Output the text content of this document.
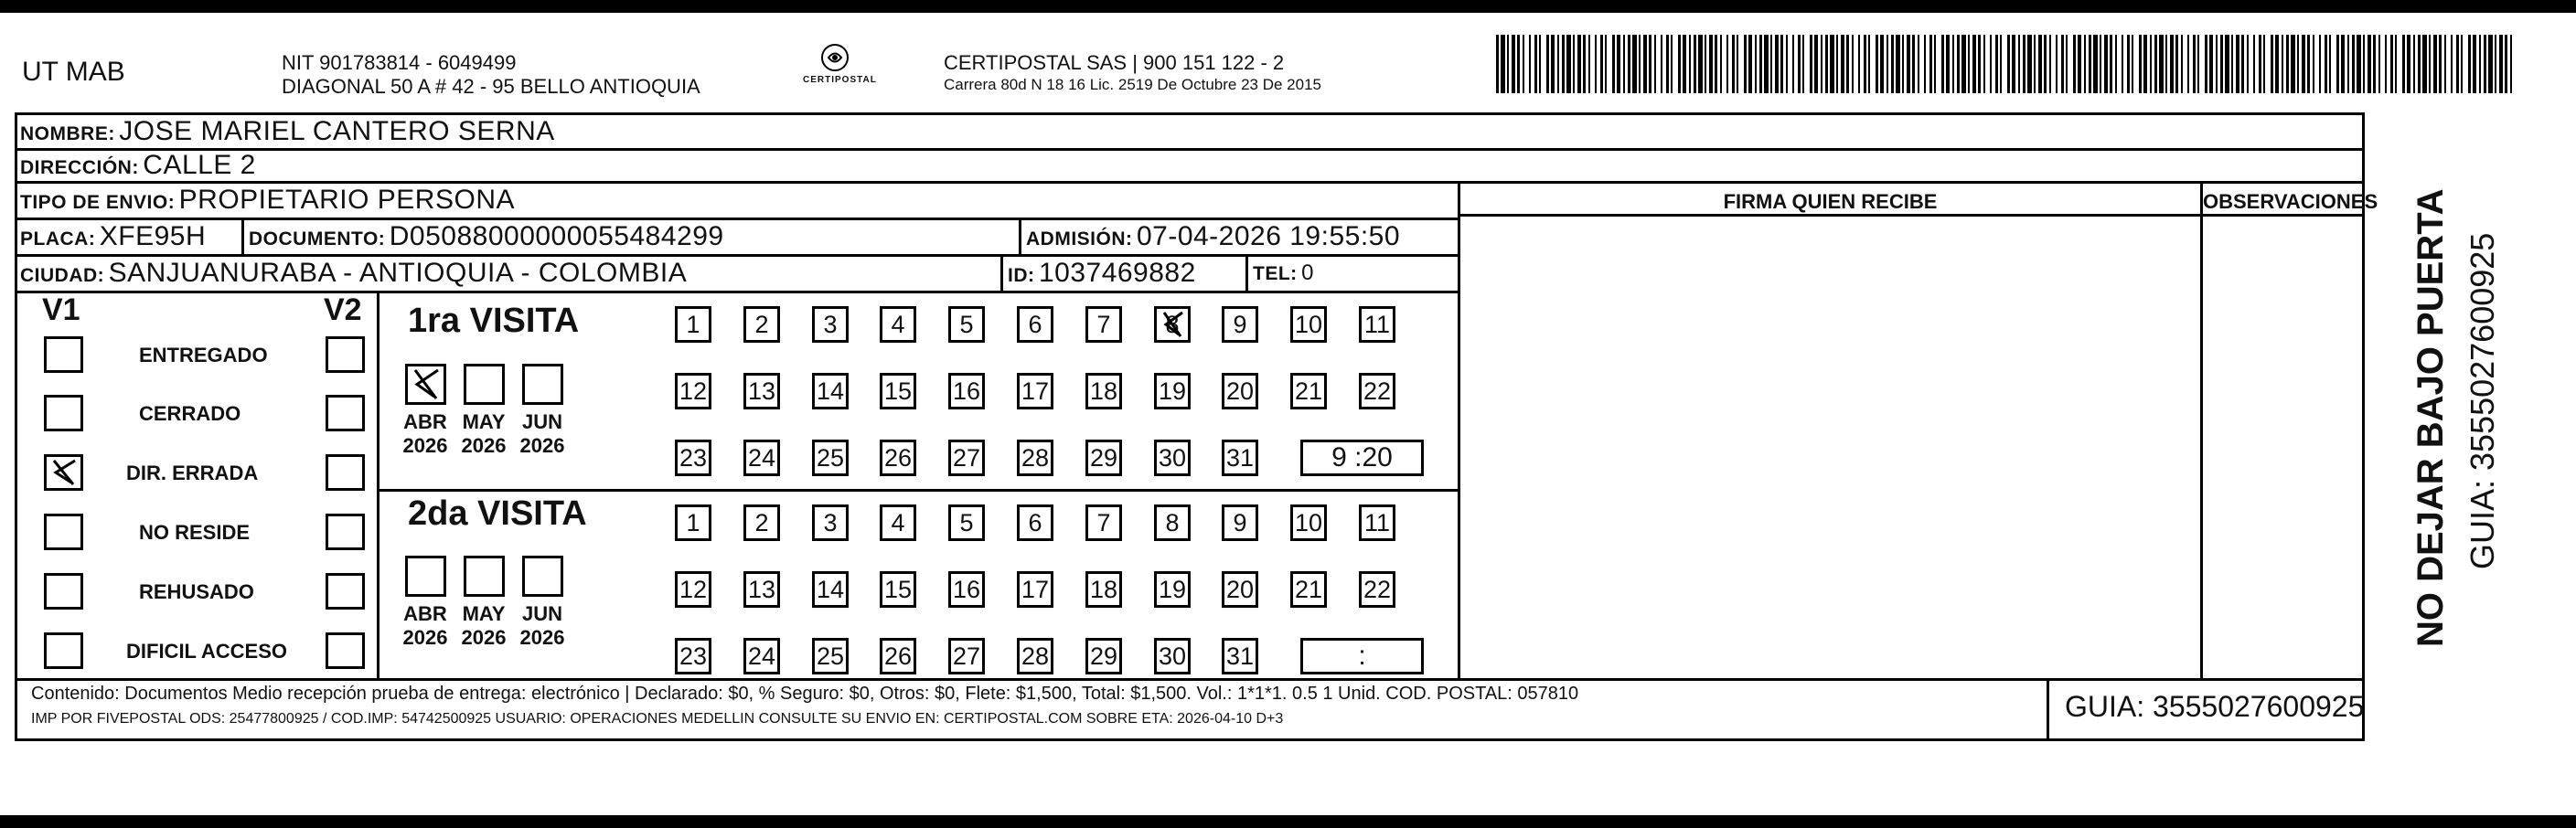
UT MAB	NIT 901783814 - 6049499
DIAGONAL 50 A # 42 - 95 BELLO ANTIOQUIA	CERTIPOSTAL
CERTIPOSTAL SAS | 900 151 122 - 2
Carrera 80d N 18 16 Lic. 2519 De Octubre 23 De 2015
NOMBRE: JOSE MARIEL CANTERO SERNA
DIRECCIÓN: CALLE 2
TIPO DE ENVIO: PROPIETARIO PERSONA
PLACA: XFE95H DOCUMENTO: D05088000000055484299	ADMISIÓN: 07-04-2026 19:55:50
CIUDAD: SANJUANURABA - ANTIOQUIA - COLOMBIA	ID: 1037469882	TEL: 0
FIRMA QUIEN RECIBE	OBSERVACIONES
V1	V2
ENTREGADO
CERRADO
DIR. ERRADA
NO RESIDE
REHUSADO
DIFICIL ACCESO
1ra VISITA
ABR
2026
MAY
2026
JUN
2026
1	2	3	4	5	6	7	8	9	10 11
12 13 14 15 16 17 18 19 20 21 22
23 24 25 26 27 28 29 30 31	9 :20
2da VISITA
ABR
2026
MAY
2026
JUN
2026
1	2	3	4	5	6	7	8	9	10 11
12 13 14 15 16 17 18 19 20 21 22
23 24 25 26 27 28 29 30 31	:
Contenido: Documentos Medio recepción prueba de entrega: electrónico | Declarado: $0, % Seguro: $0, Otros: $0, Flete: $1,500, Total: $1,500. Vol.: 1*1*1. 0.5 1 Unid. COD. POSTAL: 057810
IMP POR FIVEPOSTAL ODS: 25477800925 / COD.IMP: 54742500925 USUARIO: OPERACIONES MEDELLIN CONSULTE SU ENVIO EN: CERTIPOSTAL.COM SOBRE ETA: 2026-04-10 D+3	GUIA: 3555027600925
NO DEJAR BAJO PUERTA GUIA: 3555027600925
